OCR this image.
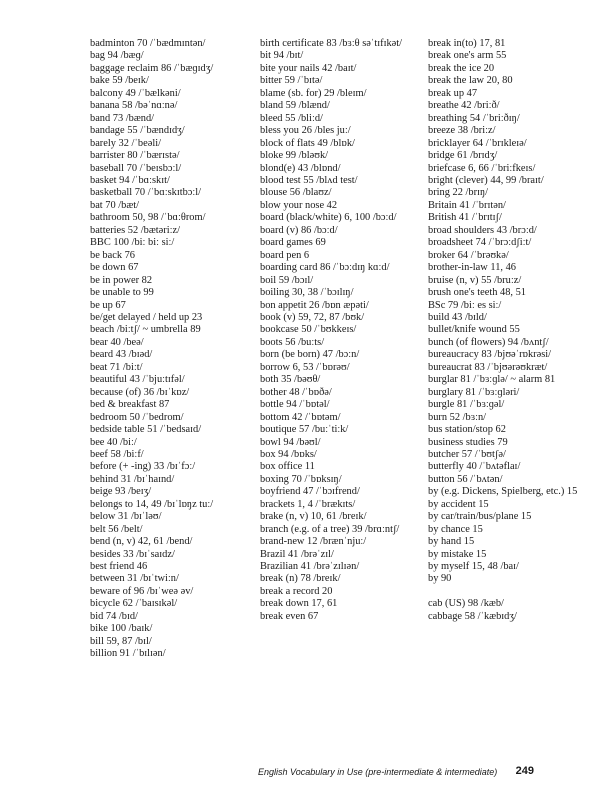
badminton 70 /ˈbædmɪntən/
bag 94 /bæɡ/
baggage reclaim 86 /ˈbæɡɪdʒ/
bake 59 /beɪk/
balcony 49 /ˈbælkəni/
banana 58 /bəˈnɑːnə/
band 73 /bænd/
bandage 55 /ˈbændɪdʒ/
barely 32 /ˈbeəli/
barrister 80 /ˈbærɪstə/
baseball 70 /ˈbeɪsbɔːl/
basket 94 /ˈbɑːskɪt/
basketball 70 /ˈbɑːskɪtbɔːl/
bat 70 /bæt/
bathroom 50, 98 /ˈbɑːθrom/
batteries 52 /bætəriːz/
BBC 100 /biː biː siː/
be back 76
be down 67
be in power 82
be unable to 99
be up 67
be/get delayed / held up 23
beach /biːtʃ/ ~ umbrella 89
bear 40 /beə/
beard 43 /bɪəd/
beat 71 /biːt/
beautiful 43 /ˈbjuːtɪfəl/
because (of) 36 /bɪˈkɒz/
bed & breakfast 87
bedroom 50 /ˈbedrom/
bedside table 51 /ˈbedsaɪd/
bee 40 /biː/
beef 58 /biːf/
before (+ -ing) 33 /bɪˈfɔː/
behind 31 /bɪˈhaɪnd/
beige 93 /beɪʒ/
belongs to 14, 49 /bɪˈlɒŋz tuː/
below 31 /bɪˈləʊ/
belt 56 /belt/
bend (n, v) 42, 61 /bend/
besides 33 /bɪˈsaɪdz/
best friend 46
between 31 /bɪˈtwiːn/
beware of 96 /bɪˈweə əv/
bicycle 62 /ˈbaɪsɪkəl/
bid 74 /bɪd/
bike 100 /baɪk/
bill 59, 87 /bɪl/
billion 91 /ˈbɪlɪən/
birth certificate 83 /bɜːθ səˈtɪfɪkət/
bit 94 /bɪt/
bite your nails 42 /baɪt/
bitter 59 /ˈbɪtə/
blame (sb. for) 29 /bleɪm/
bland 59 /blænd/
bleed 55 /bliːd/
bless you 26 /bles juː/
block of flats 49 /blɒk/
bloke 99 /bləʊk/
blond(e) 43 /blɒnd/
blood test 55 /blʌd test/
blouse 56 /blaʊz/
blow your nose 42
board (black/white) 6, 100 /bɔːd/
board (v) 86 /bɔːd/
board games 69
board pen 6
boarding card 86 /ˈbɔːdɪŋ kɑːd/
boil 59 /bɔɪl/
boiling 30, 38 /ˈbɔɪlɪŋ/
bon appetit 26 /bɒn æpəti/
book (v) 59, 72, 87 /bʊk/
bookcase 50 /ˈbʊkkeɪs/
boots 56 /buːts/
born (be born) 47 /bɔːn/
borrow 6, 53 /ˈbɒrəʊ/
both 35 /bəʊθ/
bother 48 /ˈbɒðə/
bottle 94 /ˈbɒtəl/
bottom 42 /ˈbɒtəm/
boutique 57 /buːˈtiːk/
bowl 94 /bəʊl/
box 94 /bɒks/
box office 11
boxing 70 /ˈbɒksɪŋ/
boyfriend 47 /ˈbɔɪfrend/
brackets 1, 4 /ˈbrækɪts/
brake (n, v) 10, 61 /breɪk/
branch (e.g. of a tree) 39 /brɑːntʃ/
brand-new 12 /brænˈnjuː/
Brazil 41 /brəˈzɪl/
Brazilian 41 /brəˈzɪlɪən/
break (n) 78 /breɪk/
break a record 20
break down 17, 61
break even 67
break in(to) 17, 81
break one's arm 55
break the ice 20
break the law 20, 80
break up 47
breathe 42 /briːð/
breathing 54 /ˈbriːðɪŋ/
breeze 38 /briːz/
bricklayer 64 /ˈbrɪkleɪə/
bridge 61 /brɪdʒ/
briefcase 6, 66 /ˈbriːfkeɪs/
bright (clever) 44, 99 /braɪt/
bring 22 /brɪŋ/
Britain 41 /ˈbrɪtən/
British 41 /ˈbrɪtɪʃ/
broad shoulders 43 /brɔːd/
broadsheet 74 /ˈbrɔːdʃiːt/
broker 64 /ˈbrəʊkə/
brother-in-law 11, 46
bruise (n, v) 55 /bruːz/
brush one's teeth 48, 51
BSc 79 /biː es siː/
build 43 /bɪld/
bullet/knife wound 55
bunch (of flowers) 94 /bʌntʃ/
bureaucracy 83 /bjʊəˈrɒkrəsi/
bureaucrat 83 /ˈbjʊərəʊkræt/
burglar 81 /ˈbɜːɡlə/ ~ alarm 81
burglary 81 /ˈbɜːɡləri/
burgle 81 /ˈbɜːɡəl/
burn 52 /bɜːn/
bus station/stop 62
business studies 79
butcher 57 /ˈbʊtʃə/
butterfly 40 /ˈbʌtəflaɪ/
button 56 /ˈbʌtən/
by (e.g. Dickens, Spielberg, etc.) 15
by accident 15
by car/train/bus/plane 15
by chance 15
by hand 15
by mistake 15
by myself 15, 48 /baɪ/
by 90
cab (US) 98 /kæb/
cabbage 58 /ˈkæbɪdʒ/
English Vocabulary in Use (pre-intermediate & intermediate) 249
